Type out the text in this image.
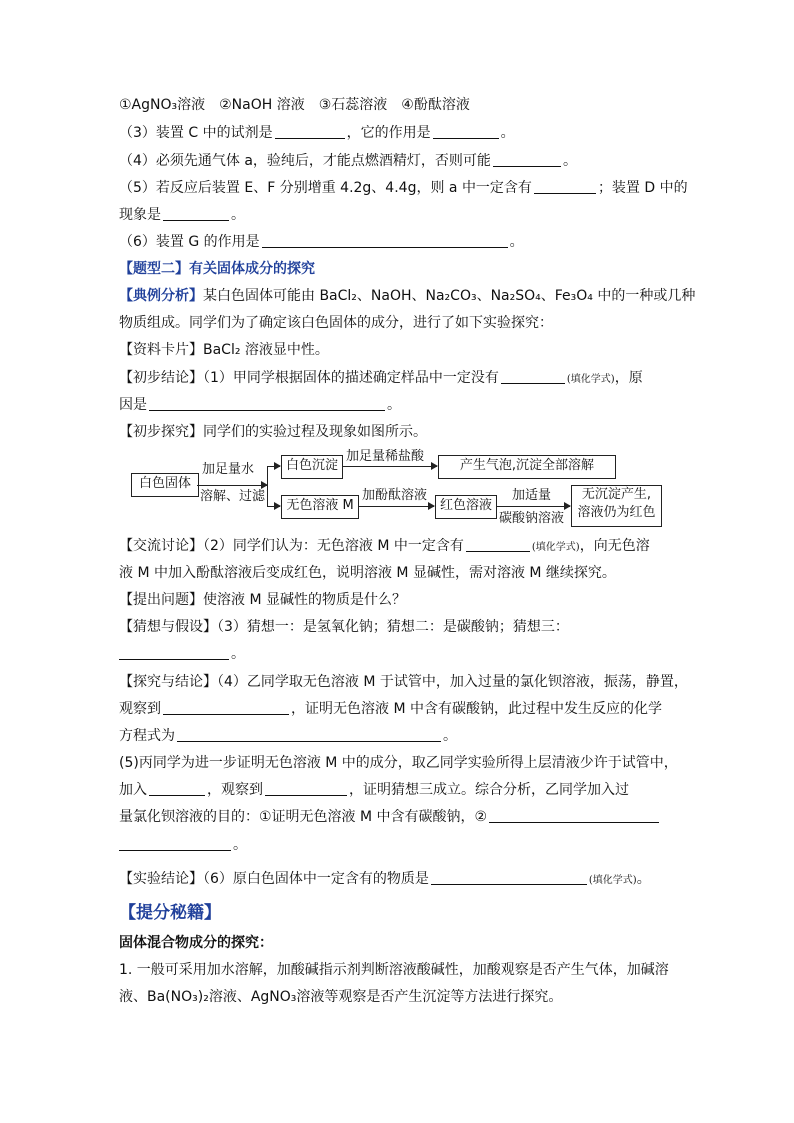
①AgNO₃溶液　②NaOH 溶液　③石蕊溶液　④酚酞溶液
（3）装置 C 中的试剂是	，它的作用是	。
（4）必须先通气体 a，验纯后，才能点燃酒精灯，否则可能	。
（5）若反应后装置 E、F 分别增重 4.2g、4.4g，则 a 中一定含有	；装置 D 中的
现象是	。
（6）装置 G 的作用是	。
【题型二】有关固体成分的探究
【典例分析】某白色固体可能由 BaCl₂、NaOH、Na₂CO₃、Na₂SO₄、Fe₃O₄ 中的一种或几种
物质组成。同学们为了确定该白色固体的成分，进行了如下实验探究：
【资料卡片】BaCl₂ 溶液显中性。
【初步结论】（1）甲同学根据固体的描述确定样品中一定没有	(填化学式)，原
因是	。
【初步探究】同学们的实验过程及现象如图所示。
白色固体
加足量水
溶解、过滤
白色沉淀
加足量稀盐酸
产生气泡,沉淀全部溶解
无色溶液 M
加酚酞溶液
红色溶液
加适量
碳酸钠溶液
无沉淀产生,
溶液仍为红色
【交流讨论】（2）同学们认为：无色溶液 M 中一定含有	(填化学式)，向无色溶
液 M 中加入酚酞溶液后变成红色，说明溶液 M 显碱性，需对溶液 M 继续探究。
【提出问题】使溶液 M 显碱性的物质是什么？
【猜想与假设】（3）猜想一：是氢氧化钠；猜想二：是碳酸钠；猜想三：
。
【探究与结论】（4）乙同学取无色溶液 M 于试管中，加入过量的氯化钡溶液，振荡，静置，
观察到	，证明无色溶液 M 中含有碳酸钠，此过程中发生反应的化学
方程式为	。
(5)丙同学为进一步证明无色溶液 M 中的成分，取乙同学实验所得上层清液少许于试管中，
加入	，观察到	，证明猜想三成立。综合分析，乙同学加入过
量氯化钡溶液的目的：①证明无色溶液 M 中含有碳酸钠，②
。
【实验结论】（6）原白色固体中一定含有的物质是	(填化学式)。
【提分秘籍】
固体混合物成分的探究：
1. 一般可采用加水溶解，加酸碱指示剂判断溶液酸碱性，加酸观察是否产生气体，加碱溶
液、Ba(NO₃)₂溶液、AgNO₃溶液等观察是否产生沉淀等方法进行探究。
